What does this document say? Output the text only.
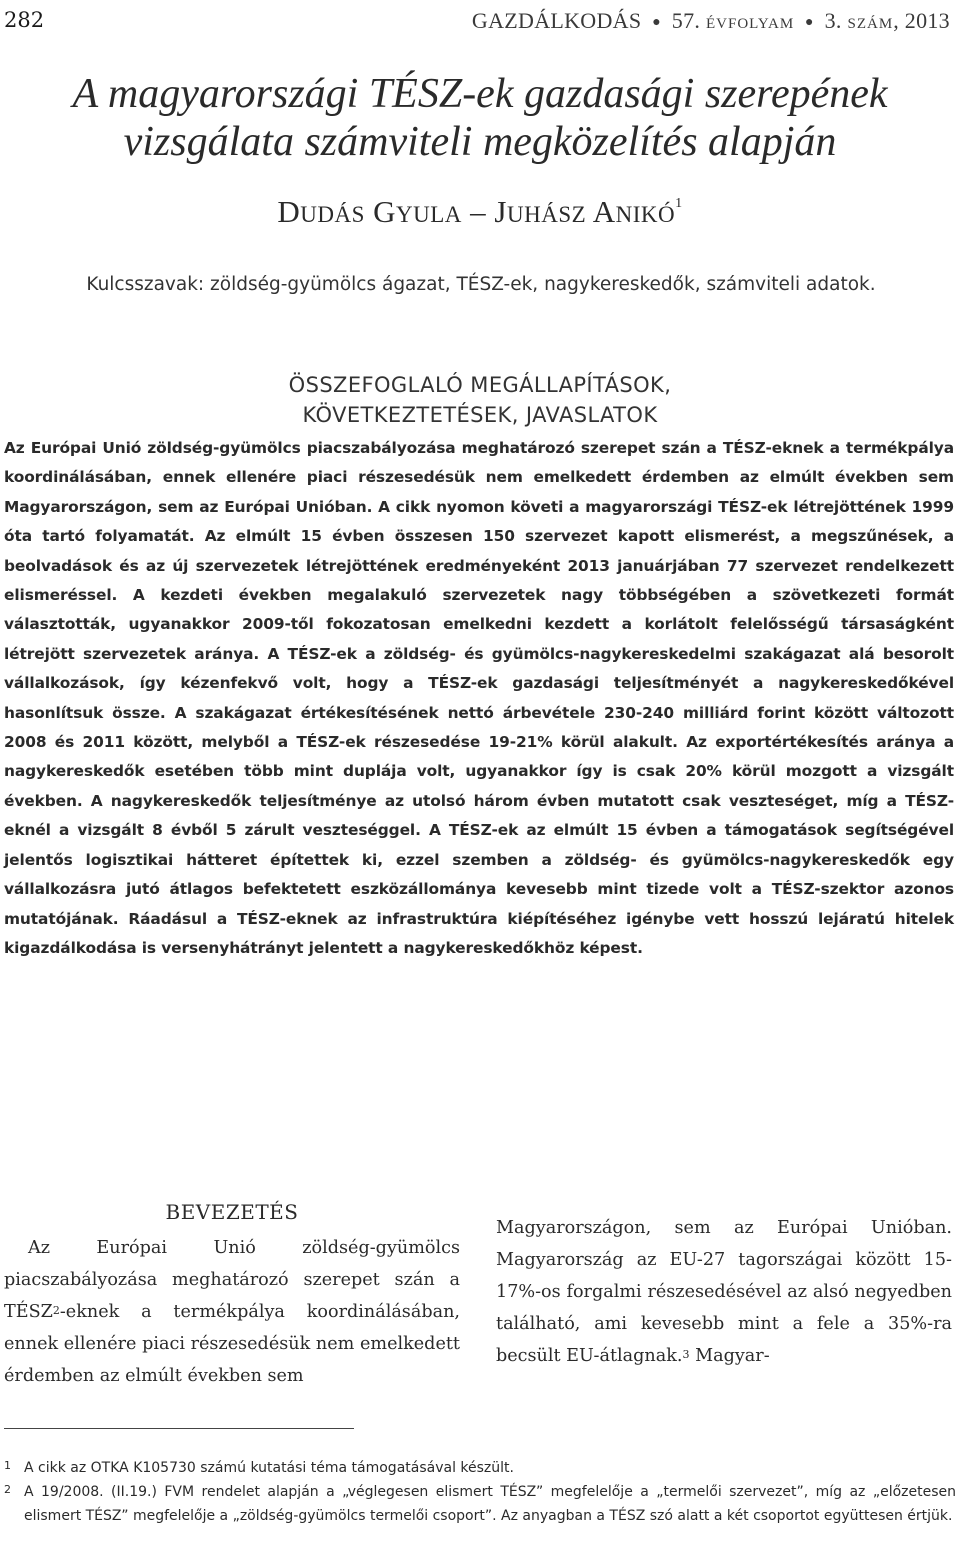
282	GAZDÁLKODÁS ● 57. ÉVFOLYAM ● 3. SZÁM, 2013
A magyarországi TÉSZ-ek gazdasági szerepének
vizsgálata számviteli megközelítés alapján
DUDÁS GYULA – JUHÁSZ ANIKÓ$^1$
Kulcsszavak: zöldség-gyümölcs ágazat, TÉSZ-ek, nagykereskedők, számviteli adatok.
ÖSSZEFOGLALÓ MEGÁLLAPÍTÁSOK,
KÖVETKEZTETÉSEK, JAVASLATOK
Az Európai Unió zöldség-gyümölcs piacszabályozása meghatározó szerepet szán a TÉSZ-eknek a termékpálya koordinálásában, ennek ellenére piaci részesedésük nem emelkedett érdemben az elmúlt években sem Magyarországon, sem az Európai Unióban. A cikk nyomon követi a magyarországi TÉSZ-ek létrejöttének 1999 óta tartó folyamatát. Az elmúlt 15 évben összesen 150 szervezet kapott elismerést, a megszűnések, a beolvadások és az új szervezetek létrejöttének eredményeként 2013 januárjában 77 szervezet rendelkezett elismeréssel. A kezdeti években megalakuló szervezetek nagy többségében a szövetkezeti formát választották, ugyanakkor 2009-től fokozatosan emelkedni kezdett a korlátolt felelősségű társaságként létrejött szervezetek aránya. A TÉSZ-ek a zöldség- és gyümölcs-nagykereskedelmi szakágazat alá besorolt vállalkozások, így kézenfekvő volt, hogy a TÉSZ-ek gazdasági teljesítményét a nagykereskedőkével hasonlítsuk össze. A szakágazat értékesítésének nettó árbevétele 230-240 milliárd forint között változott 2008 és 2011 között, melyből a TÉSZ-ek részesedése 19-21% körül alakult. Az exportértékesítés aránya a nagykereskedők esetében több mint duplája volt, ugyanakkor így is csak 20% körül mozgott a vizsgált években. A nagykereskedők teljesítménye az utolsó három évben mutatott csak veszteséget, míg a TÉSZ-eknél a vizsgált 8 évből 5 zárult veszteséggel. A TÉSZ-ek az elmúlt 15 évben a támogatások segítségével jelentős logisztikai hátteret építettek ki, ezzel szemben a zöldség- és gyümölcs-nagykereskedők egy vállalkozásra jutó átlagos befektetett eszközállománya kevesebb mint tizede volt a TÉSZ-szektor azonos mutatójának. Ráadásul a TÉSZ-eknek az infrastruktúra kiépítéséhez igénybe vett hosszú lejáratú hitelek kigazdálkodása is versenyhátrányt jelentett a nagykereskedőkhöz képest.
BEVEZETÉS
Az Európai Unió zöldség-gyümölcs piacszabályozása meghatározó szerepet szán a TÉSZ$^2$-eknek a termékpálya koordinálásában, ennek ellenére piaci részesedésük nem emelkedett érdemben az elmúlt években sem
Magyarországon, sem az Európai Unióban. Magyarország az EU-27 tagországai között 15-17%-os forgalmi részesedésével az alsó negyedben található, ami kevesebb mint a fele a 35%-ra becsült EU-átlagnak.$^3$ Magyar-
1 A cikk az OTKA K105730 számú kutatási téma támogatásával készült.
2 A 19/2008. (II.19.) FVM rendelet alapján a „véglegesen elismert TÉSZ” megfelelője a „termelői szervezet”, míg az „előzetesen elismert TÉSZ” megfelelője a „zöldség-gyümölcs termelői csoport”. Az anyagban a TÉSZ szó alatt a két csoportot együttesen értjük.
